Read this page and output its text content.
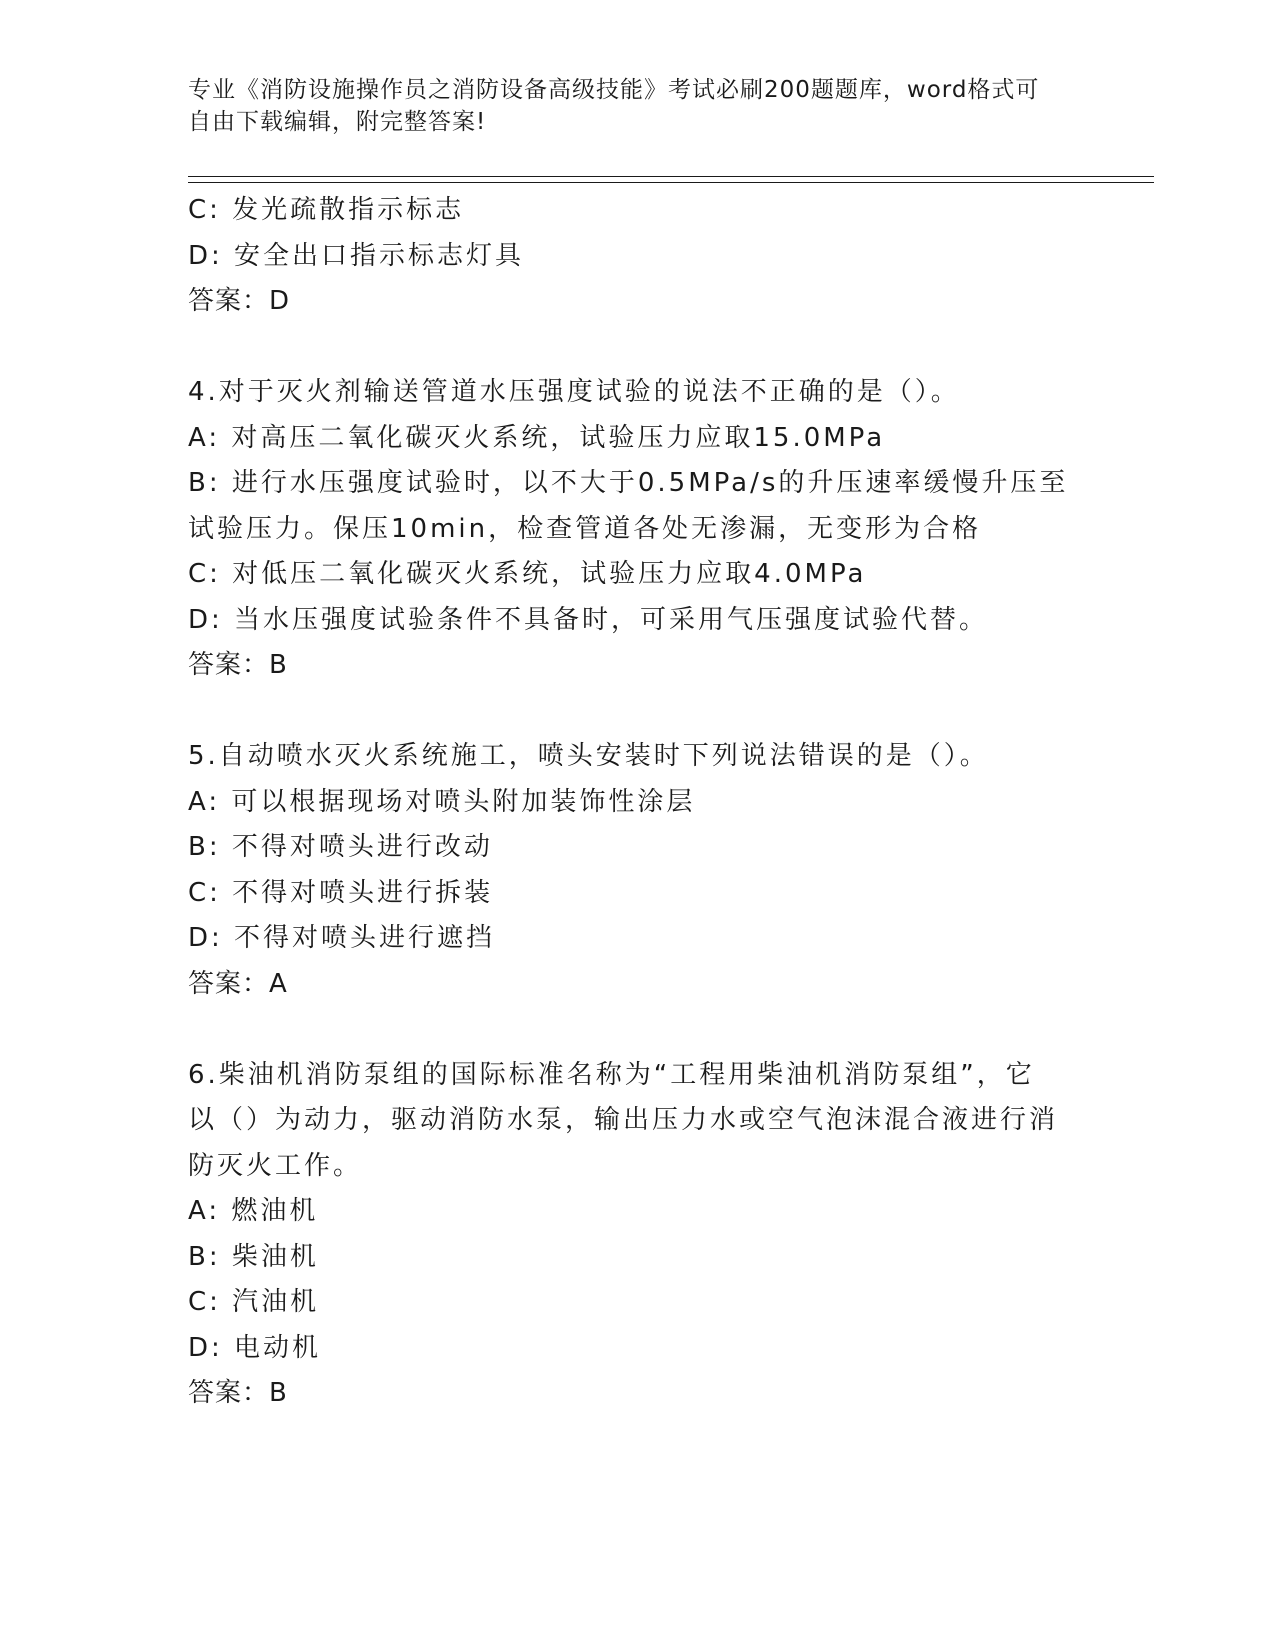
专业《消防设施操作员之消防设备高级技能》考试必刷200题题库，word格式可
自由下载编辑，附完整答案!
C: 发光疏散指示标志
D: 安全出口指示标志灯具
答案：D
4.对于灭火剂输送管道水压强度试验的说法不正确的是（）。
A: 对高压二氧化碳灭火系统，试验压力应取15.0MPa
B: 进行水压强度试验时，以不大于0.5MPa/s的升压速率缓慢升压至
试验压力。保压10min，检查管道各处无渗漏，无变形为合格
C: 对低压二氧化碳灭火系统，试验压力应取4.0MPa
D: 当水压强度试验条件不具备时，可采用气压强度试验代替。
答案：B
5.自动喷水灭火系统施工，喷头安装时下列说法错误的是（）。
A: 可以根据现场对喷头附加装饰性涂层
B: 不得对喷头进行改动
C: 不得对喷头进行拆装
D: 不得对喷头进行遮挡
答案：A
6.柴油机消防泵组的国际标准名称为“工程用柴油机消防泵组”，它
以（）为动力，驱动消防水泵，输出压力水或空气泡沫混合液进行消
防灭火工作。
A: 燃油机
B: 柴油机
C: 汽油机
D: 电动机
答案：B
